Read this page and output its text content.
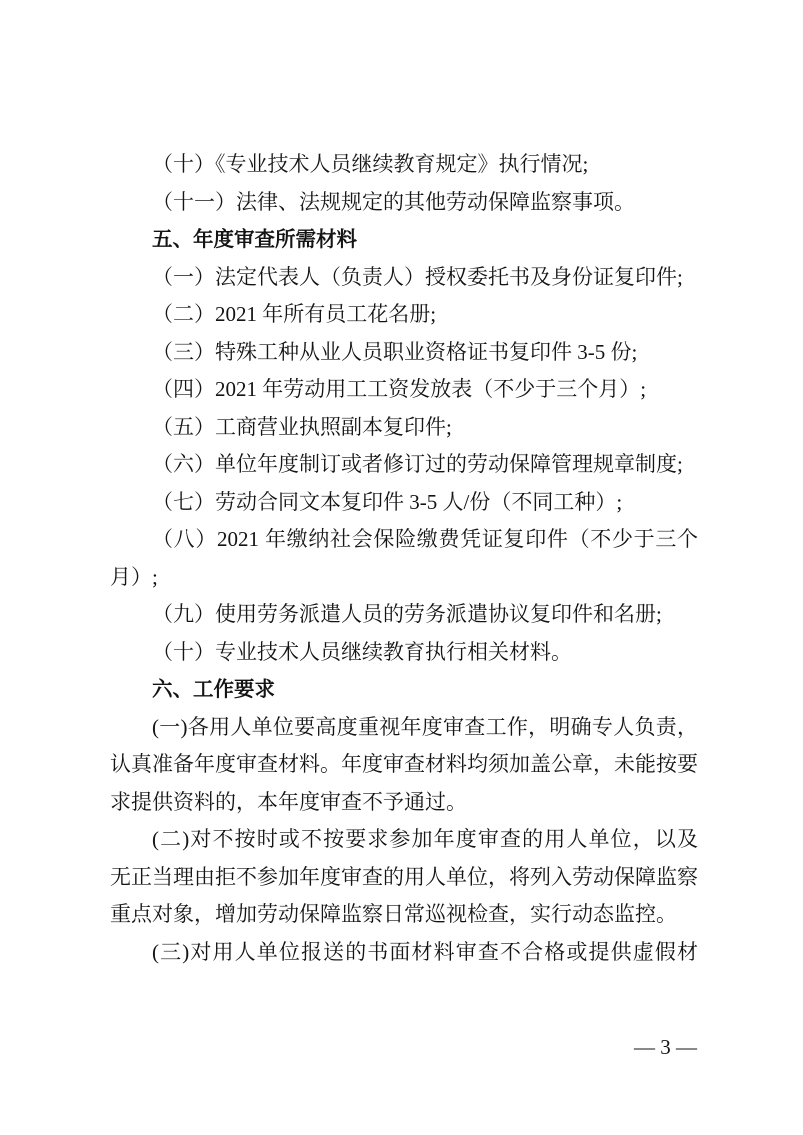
（十）《专业技术人员继续教育规定》执行情况;
（十一）法律、法规规定的其他劳动保障监察事项。
五、年度审查所需材料
（一）法定代表人（负责人）授权委托书及身份证复印件;
（二）2021 年所有员工花名册;
（三）特殊工种从业人员职业资格证书复印件 3-5 份;
（四）2021 年劳动用工工资发放表（不少于三个月）;
（五）工商营业执照副本复印件;
（六）单位年度制订或者修订过的劳动保障管理规章制度;
（七）劳动合同文本复印件 3-5 人/份（不同工种）;
（八）2021 年缴纳社会保险缴费凭证复印件（不少于三个
月）;
（九）使用劳务派遣人员的劳务派遣协议复印件和名册;
（十）专业技术人员继续教育执行相关材料。
六、工作要求
(一)各用人单位要高度重视年度审查工作，明确专人负责，
认真准备年度审查材料。年度审查材料均须加盖公章，未能按要
求提供资料的，本年度审查不予通过。
(二)对不按时或不按要求参加年度审查的用人单位，以及
无正当理由拒不参加年度审查的用人单位，将列入劳动保障监察
重点对象，增加劳动保障监察日常巡视检查，实行动态监控。
(三)对用人单位报送的书面材料审查不合格或提供虚假材
— 3 —
